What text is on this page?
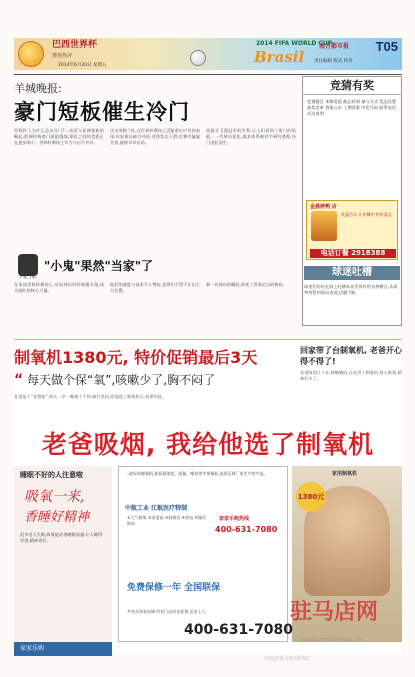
巴西世界杯
赛场热评
2014年6月20日 星期五
2014 FIFA WORLD CUP
Brasil
南方都市报 T05
责任编辑 版式 校对
羊城晚报:
豪门短板催生冷门
世界杯上为什么总出冷门?…南美与非洲劲旅的崛起,欧洲传统豪门面临挑战,球队之间的差距正在逐步缩小。世界杯赛场上实力与运气并存。
这支英格兰队,在世界杯赛场上没能拿出应有的表现,年轻球员缺乏经验,老将状态下滑,比赛中屡屡失误,最终早早出局。
西班牙卫冕冠军的失利,让人们看到了豪门的短板。一代球员老化,战术体系被对手研究透彻,冷门由此而生。
小鬼当家
"小鬼"果然"当家"了
在本届世界杯赛场上,年轻球员纷纷崭露头角,成为球队的核心力量。
他们的速度与技术令人赞叹,老将们不得不让出主力位置。
新一代球员的崛起,改变了世界足坛的格局。
竞猜有奖
竞猜题目 本期竞猜 截止时间 参与方式 奖品设置 获奖名单 答案公布 上期答案 中奖号码 联系电话 活动说明
金晨烤鸭 店
优惠活动 开业酬宾 特价菜品
电话订餐 2918388
球迷吐槽
球迷们纷纷在网上吐槽本届世界杯的各种槽点,从裁判判罚到球员表现,话题不断。
制氧机1380元, 特价促销最后3天
“ 每天做个保“氧”,咳嗽少了,胸不闷了
老爸是个“老烟枪”,每天一早一晚咳个不停,胸口发闷,给他选了制氧机后,效果明显。
回家带了台制氧机, 老爸开心得不得了!
老爸吸烟几十年,咳嗽胸闷,自从用了制氧机,每天吸氧,精神好多了。
老爸吸烟, 我给他选了制氧机
睡眠不好的人注意啦
吸氧一来,
香睡好精神
很多老人失眠,吸氧能改善睡眠质量,让人睡得更香,精神更好。
家家乐购
一款好的制氧机,要看氧浓度、流量、噪音等多项指标,选择正规厂家生产的产品。
中航工业 江航医疗特制
①大气制氧 ②浓度高 ③低噪音 ④省电 ⑤操作简单
家家乐购热线
400-631-7080
免费保修一年 全国联保
共有东海家电城 所有门店同步促销,送货上门。
1380元
家用制氧机
400-631-7080
驻马店网
www.zmdnews.cn
河南省重点新闻网站
